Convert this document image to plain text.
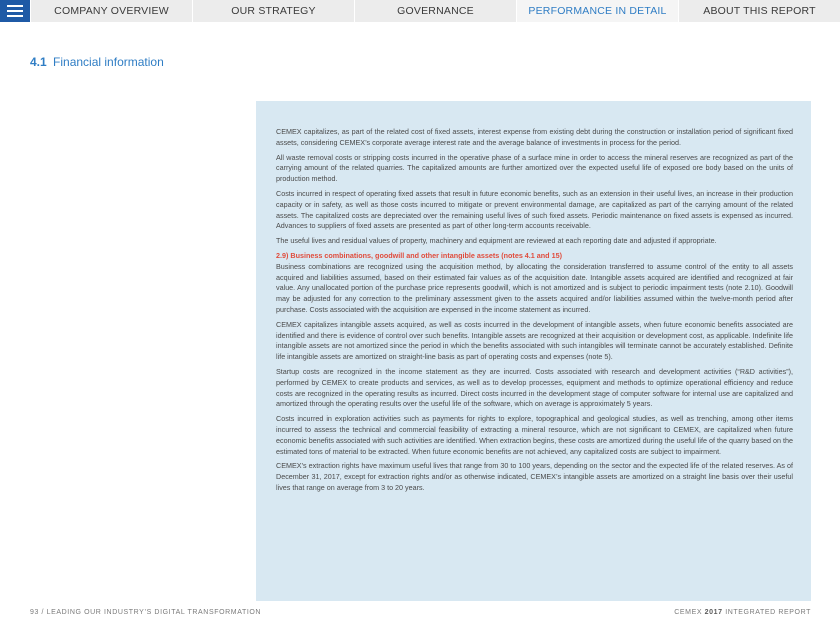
COMPANY OVERVIEW	OUR STRATEGY	GOVERNANCE	PERFORMANCE IN DETAIL	ABOUT THIS REPORT
4.1 Financial information

CEMEX capitalizes, as part of the related cost of fixed assets, interest expense from existing debt during the construction or installation period of significant fixed assets, considering CEMEX’s corporate average interest rate and the average balance of investments in process for the period.

All waste removal costs or stripping costs incurred in the operative phase of a surface mine in order to access the mineral reserves are recognized as part of the carrying amount of the related quarries. The capitalized amounts are further amortized over the expected useful life of exposed ore body based on the units of production method.

Costs incurred in respect of operating fixed assets that result in future economic benefits, such as an extension in their useful lives, an increase in their production capacity or in safety, as well as those costs incurred to mitigate or prevent environmental damage, are capitalized as part of the carrying amount of the related assets. The capitalized costs are depreciated over the remaining useful lives of such fixed assets. Periodic maintenance on fixed assets is expensed as incurred. Advances to suppliers of fixed assets are presented as part of other long-term accounts receivable.

The useful lives and residual values of property, machinery and equipment are reviewed at each reporting date and adjusted if appropriate.

2.9) Business combinations, goodwill and other intangible assets (notes 4.1 and 15)

Business combinations are recognized using the acquisition method, by allocating the consideration transferred to assume control of the entity to all assets acquired and liabilities assumed, based on their estimated fair values as of the acquisition date. Intangible assets acquired are identified and recognized at fair value. Any unallocated portion of the purchase price represents goodwill, which is not amortized and is subject to periodic impairment tests (note 2.10). Goodwill may be adjusted for any correction to the preliminary assessment given to the assets acquired and/or liabilities assumed within the twelve-month period after purchase. Costs associated with the acquisition are expensed in the income statement as incurred.

CEMEX capitalizes intangible assets acquired, as well as costs incurred in the development of intangible assets, when future economic benefits associated are identified and there is evidence of control over such benefits. Intangible assets are recognized at their acquisition or development cost, as applicable. Indefinite life intangible assets are not amortized since the period in which the benefits associated with such intangibles will terminate cannot be accurately established. Definite life intangible assets are amortized on straight-line basis as part of operating costs and expenses (note 5).

Startup costs are recognized in the income statement as they are incurred. Costs associated with research and development activities (“R&D activities”), performed by CEMEX to create products and services, as well as to develop processes, equipment and methods to optimize operational efficiency and reduce costs are recognized in the operating results as incurred. Direct costs incurred in the development stage of computer software for internal use are capitalized and amortized through the operating results over the useful life of the software, which on average is approximately 5 years.

Costs incurred in exploration activities such as payments for rights to explore, topographical and geological studies, as well as trenching, among other items incurred to assess the technical and commercial feasibility of extracting a mineral resource, which are not significant to CEMEX, are capitalized when future economic benefits associated with such activities are identified. When extraction begins, these costs are amortized during the useful life of the quarry based on the estimated tons of material to be extracted. When future economic benefits are not achieved, any capitalized costs are subject to impairment.

CEMEX’s extraction rights have maximum useful lives that range from 30 to 100 years, depending on the sector and the expected life of the related reserves. As of December 31, 2017, except for extraction rights and/or as otherwise indicated, CEMEX’s intangible assets are amortized on a straight line basis over their useful lives that range on average from 3 to 20 years.

93 / LEADING OUR INDUSTRY’S DIGITAL TRANSFORMATION	CEMEX 2017 INTEGRATED REPORT
